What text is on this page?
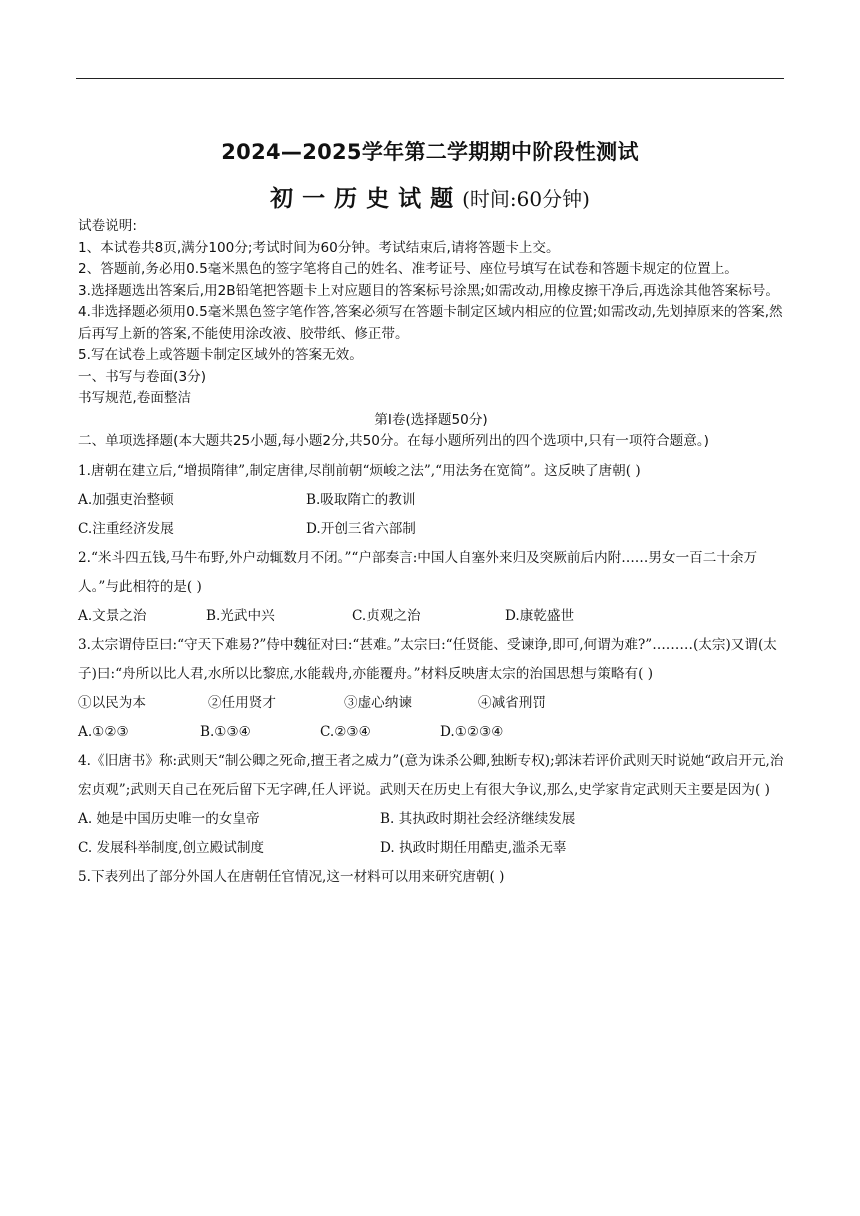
2024—2025学年第二学期期中阶段性测试
初一历史试题(时间:60分钟)

试卷说明:

1、本试卷共8页,满分100分;考试时间为60分钟。考试结束后,请将答题卡上交。

2、答题前,务必用0.5毫米黑色的签字笔将自己的姓名、准考证号、座位号填写在试卷和答题卡规定的位置上。

3.选择题选出答案后,用2B铅笔把答题卡上对应题目的答案标号涂黑;如需改动,用橡皮擦干净后,再选涂其他答案标号。

4.非选择题必须用0.5毫米黑色签字笔作答,答案必须写在答题卡制定区域内相应的位置;如需改动,先划掉原来的答案,然后再写上新的答案,不能使用涂改液、胶带纸、修正带。

5.写在试卷上或答题卡制定区域外的答案无效。

一、书写与卷面(3分)

书写规范,卷面整洁

第Ⅰ卷(选择题50分)

二、单项选择题(本大题共25小题,每小题2分,共50分。在每小题所列出的四个选项中,只有一项符合题意。)

1.唐朝在建立后,“增损隋律”,制定唐律,尽削前朝“烦峻之法”,“用法务在宽简”。这反映了唐朝( )

A.加强吏治整顿	B.吸取隋亡的教训
C.注重经济发展	D.开创三省六部制

2.“米斗四五钱,马牛布野,外户动辄数月不闭。”“户部奏言:中国人自塞外来归及突厥前后内附……男女一百二十余万人。”与此相符的是( )

A.文景之治	B.光武中兴	C.贞观之治	D.康乾盛世

3.太宗谓侍臣曰:“守天下难易?”侍中魏征对曰:“甚难。”太宗曰:“任贤能、受谏诤,即可,何谓为难?”………(太宗)又谓(太子)曰:“舟所以比人君,水所以比黎庶,水能载舟,亦能覆舟。”材料反映唐太宗的治国思想与策略有( )

①以民为本	②任用贤才	③虚心纳谏	④减省刑罚
A.①②③	B.①③④	C.②③④	D.①②③④

4.《旧唐书》称:武则天“制公卿之死命,擅王者之威力”(意为诛杀公卿,独断专权);郭沫若评价武则天时说她“政启开元,治宏贞观”;武则天自己在死后留下无字碑,任人评说。武则天在历史上有很大争议,那么,史学家肯定武则天主要是因为( )

A. 她是中国历史唯一的女皇帝	B. 其执政时期社会经济继续发展
C. 发展科举制度,创立殿试制度	D. 执政时期任用酷吏,滥杀无辜

5.下表列出了部分外国人在唐朝任官情况,这一材料可以用来研究唐朝( )
